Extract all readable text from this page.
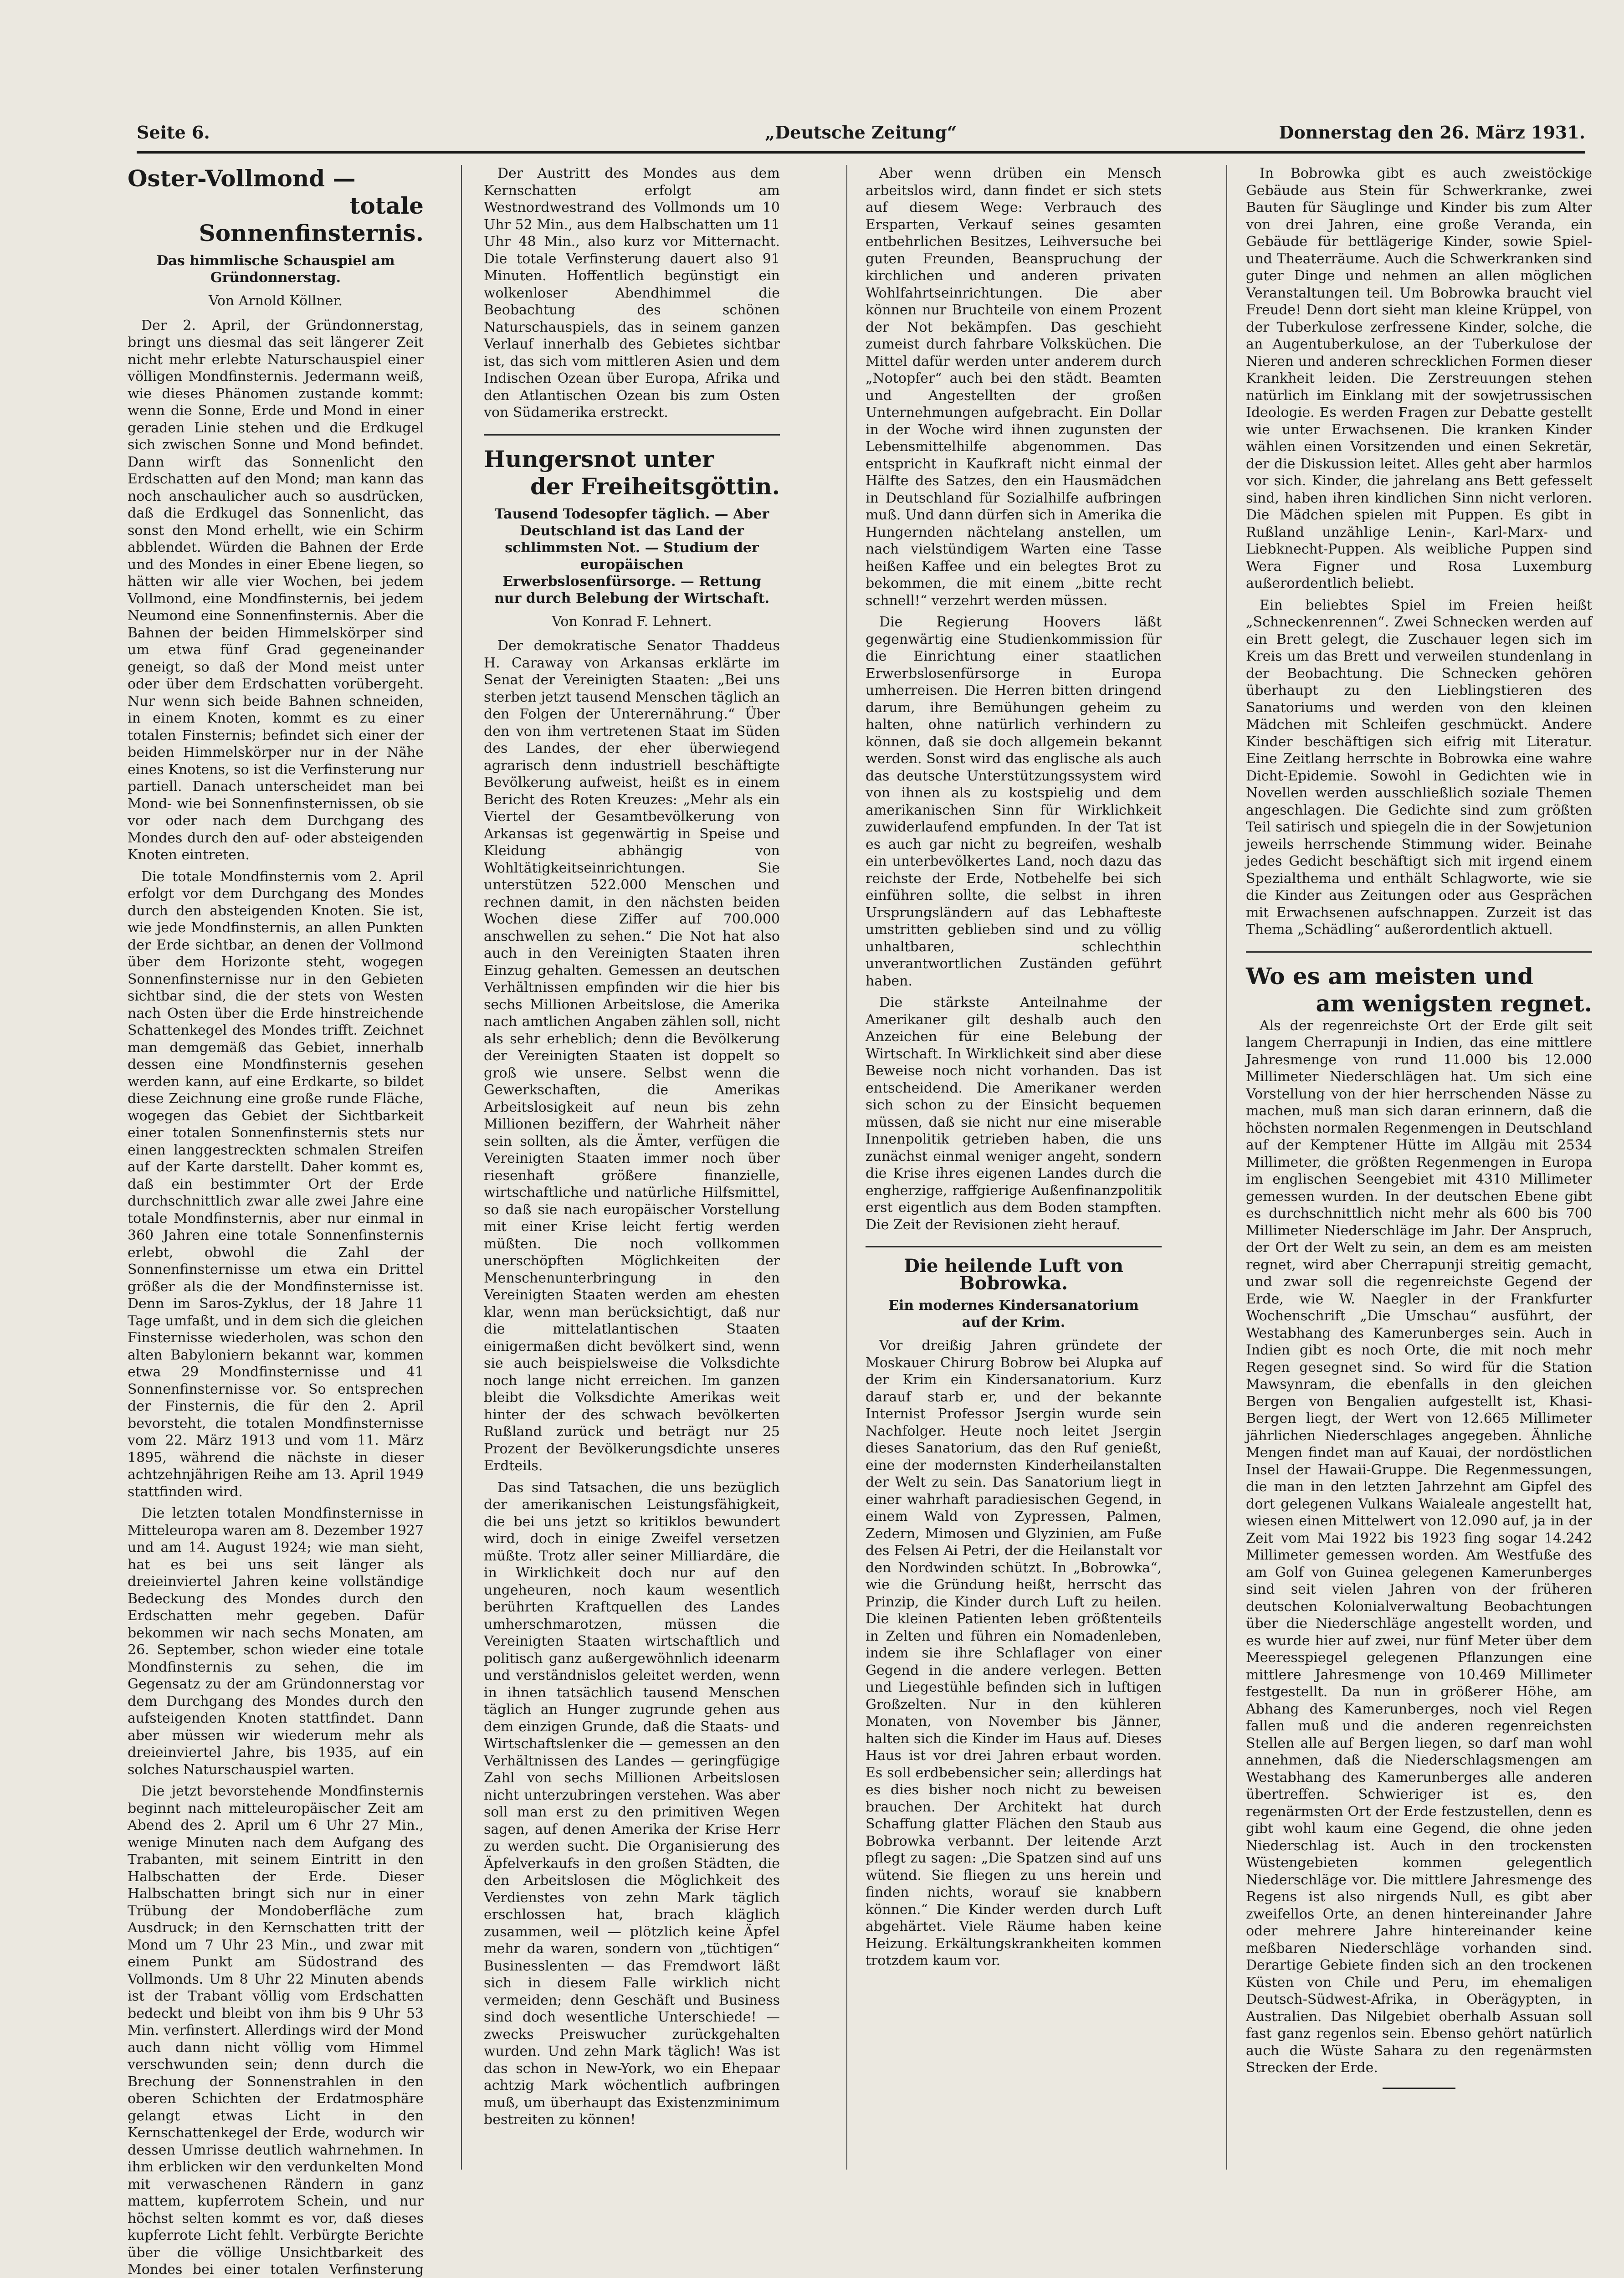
Seite 6.	„Deutsche Zeitung“	Donnerstag den 26. März 1931.

Oster-Vollmond —

totale Sonnenfinsternis.

Das himmlische Schauspiel am Gründonnerstag.

Von Arnold Köllner.

Der 2. April, der Gründonnerstag, bringt uns diesmal das seit längerer Zeit nicht mehr erlebte Naturschauspiel einer völligen Mondfinsternis. Jedermann weiß, wie dieses Phänomen zustande kommt: wenn die Sonne, Erde und Mond in einer geraden Linie stehen und die Erdkugel sich zwischen Sonne und Mond befindet. Dann wirft das Sonnenlicht den Erdschatten auf den Mond; man kann das noch anschaulicher auch so ausdrücken, daß die Erdkugel das Sonnenlicht, das sonst den Mond erhellt, wie ein Schirm abblendet. Würden die Bahnen der Erde und des Mondes in einer Ebene liegen, so hätten wir alle vier Wochen, bei jedem Vollmond, eine Mondfinsternis, bei jedem Neumond eine Sonnenfinsternis. Aber die Bahnen der beiden Himmelskörper sind um etwa fünf Grad gegeneinander geneigt, so daß der Mond meist unter oder über dem Erdschatten vorübergeht. Nur wenn sich beide Bahnen schneiden, in einem Knoten, kommt es zu einer totalen Finsternis; befindet sich einer der beiden Himmelskörper nur in der Nähe eines Knotens, so ist die Verfinsterung nur partiell. Danach unterscheidet man bei Mond- wie bei Sonnenfinsternissen, ob sie vor oder nach dem Durchgang des Mondes durch den auf- oder absteigenden Knoten eintreten.

Die totale Mondfinsternis vom 2. April erfolgt vor dem Durchgang des Mondes durch den absteigenden Knoten. Sie ist, wie jede Mondfinsternis, an allen Punkten der Erde sichtbar, an denen der Vollmond über dem Horizonte steht, wogegen Sonnenfinsternisse nur in den Gebieten sichtbar sind, die der stets von Westen nach Osten über die Erde hinstreichende Schattenkegel des Mondes trifft. Zeichnet man demgemäß das Gebiet, innerhalb dessen eine Mondfinsternis gesehen werden kann, auf eine Erdkarte, so bildet diese Zeichnung eine große runde Fläche, wogegen das Gebiet der Sichtbarkeit einer totalen Sonnenfinsternis stets nur einen langgestreckten schmalen Streifen auf der Karte darstellt. Daher kommt es, daß ein bestimmter Ort der Erde durchschnittlich zwar alle zwei Jahre eine totale Mondfinsternis, aber nur einmal in 360 Jahren eine totale Sonnenfinsternis erlebt, obwohl die Zahl der Sonnenfinsternisse um etwa ein Drittel größer als die der Mondfinsternisse ist. Denn im Saros-Zyklus, der 18 Jahre 11 Tage umfaßt, und in dem sich die gleichen Finsternisse wiederholen, was schon den alten Babyloniern bekannt war, kommen etwa 29 Mondfinsternisse und 41 Sonnenfinsternisse vor. So entsprechen der Finsternis, die für den 2. April bevorsteht, die totalen Mondfinsternisse vom 22. März 1913 und vom 11. März 1895, während die nächste in dieser achtzehnjährigen Reihe am 13. April 1949 stattfinden wird.

Die letzten totalen Mondfinsternisse in Mitteleuropa waren am 8. Dezember 1927 und am 14. August 1924; wie man sieht, hat es bei uns seit länger als dreieinviertel Jahren keine vollständige Bedeckung des Mondes durch den Erdschatten mehr gegeben. Dafür bekommen wir nach sechs Monaten, am 26. September, schon wieder eine totale Mondfinsternis zu sehen, die im Gegensatz zu der am Gründonnerstag vor dem Durchgang des Mondes durch den aufsteigenden Knoten stattfindet. Dann aber müssen wir wiederum mehr als dreieinviertel Jahre, bis 1935, auf ein solches Naturschauspiel warten.

Die jetzt bevorstehende Mondfinsternis beginnt nach mitteleuropäischer Zeit am Abend des 2. April um 6 Uhr 27 Min., wenige Minuten nach dem Aufgang des Trabanten, mit seinem Eintritt in den Halbschatten der Erde. Dieser Halbschatten bringt sich nur in einer Trübung der Mondoberfläche zum Ausdruck; in den Kernschatten tritt der Mond um 7 Uhr 23 Min., und zwar mit einem Punkt am Südostrand des Vollmonds. Um 8 Uhr 22 Minuten abends ist der Trabant völlig vom Erdschatten bedeckt und bleibt von ihm bis 9 Uhr 53 Min. verfinstert. Allerdings wird der Mond auch dann nicht völlig vom Himmel verschwunden sein; denn durch die Brechung der Sonnenstrahlen in den oberen Schichten der Erdatmosphäre gelangt etwas Licht in den Kernschattenkegel der Erde, wodurch wir dessen Umrisse deutlich wahrnehmen. In ihm erblicken wir den verdunkelten Mond mit verwaschenen Rändern in ganz mattem, kupferrotem Schein, und nur höchst selten kommt es vor, daß dieses kupferrote Licht fehlt. Verbürgte Berichte über die völlige Unsichtbarkeit des Mondes bei einer totalen Verfinsterung

Der Austritt des Mondes aus dem Kernschatten erfolgt am Westnordwestrand des Vollmonds um 10 Uhr 52 Min., aus dem Halbschatten um 11 Uhr 48 Min., also kurz vor Mitternacht. Die totale Verfinsterung dauert also 91 Minuten. Hoffentlich begünstigt ein wolkenloser Abendhimmel die Beobachtung des schönen Naturschauspiels, das in seinem ganzen Verlauf innerhalb des Gebietes sichtbar ist, das sich vom mittleren Asien und dem Indischen Ozean über Europa, Afrika und den Atlantischen Ozean bis zum Osten von Südamerika erstreckt.

Hungersnot unter

der Freiheitsgöttin.

Tausend Todesopfer täglich. — Aber Deutschland ist das Land der schlimmsten Not. — Studium der europäischen Erwerbslosenfürsorge. — Rettung nur durch Belebung der Wirtschaft.

Von Konrad F. Lehnert.

Der demokratische Senator Thaddeus H. Caraway von Arkansas erklärte im Senat der Vereinigten Staaten: „Bei uns sterben jetzt tausend Menschen täglich an den Folgen der Unterernährung.“ Über den von ihm vertretenen Staat im Süden des Landes, der eher überwiegend agrarisch denn industriell beschäftigte Bevölkerung aufweist, heißt es in einem Bericht des Roten Kreuzes: „Mehr als ein Viertel der Gesamtbevölkerung von Arkansas ist gegenwärtig in Speise und Kleidung abhängig von Wohltätigkeitseinrichtungen. Sie unterstützen 522.000 Menschen und rechnen damit, in den nächsten beiden Wochen diese Ziffer auf 700.000 anschwellen zu sehen.“ Die Not hat also auch in den Vereinigten Staaten ihren Einzug gehalten. Gemessen an deutschen Verhältnissen empfinden wir die hier bis sechs Millionen Arbeitslose, die Amerika nach amtlichen Angaben zählen soll, nicht als sehr erheblich; denn die Bevölkerung der Vereinigten Staaten ist doppelt so groß wie unsere. Selbst wenn die Gewerkschaften, die Amerikas Arbeitslosigkeit auf neun bis zehn Millionen beziffern, der Wahrheit näher sein sollten, als die Ämter, verfügen die Vereinigten Staaten immer noch über riesenhaft größere finanzielle, wirtschaftliche und natürliche Hilfsmittel, so daß sie nach europäischer Vorstellung mit einer Krise leicht fertig werden müßten. Die noch vollkommen unerschöpften Möglichkeiten der Menschenunterbringung in den Vereinigten Staaten werden am ehesten klar, wenn man berücksichtigt, daß nur die mittelatlantischen Staaten einigermaßen dicht bevölkert sind, wenn sie auch beispielsweise die Volksdichte noch lange nicht erreichen. Im ganzen bleibt die Volksdichte Amerikas weit hinter der des schwach bevölkerten Rußland zurück und beträgt nur 25 Prozent der Bevölkerungsdichte unseres Erdteils.

Das sind Tatsachen, die uns bezüglich der amerikanischen Leistungsfähigkeit, die bei uns jetzt so kritiklos bewundert wird, doch in einige Zweifel versetzen müßte. Trotz aller seiner Milliardäre, die in Wirklichkeit doch nur auf den ungeheuren, noch kaum wesentlich berührten Kraftquellen des Landes umherschmarotzen, müssen die Vereinigten Staaten wirtschaftlich und politisch ganz außergewöhnlich ideenarm und verständnislos geleitet werden, wenn in ihnen tatsächlich tausend Menschen täglich an Hunger zugrunde gehen aus dem einzigen Grunde, daß die Staats- und Wirtschaftslenker die — gemessen an den Verhältnissen des Landes — geringfügige Zahl von sechs Millionen Arbeitslosen nicht unterzubringen verstehen. Was aber soll man erst zu den primitiven Wegen sagen, auf denen Amerika der Krise Herr zu werden sucht. Die Organisierung des Äpfelverkaufs in den großen Städten, die den Arbeitslosen die Möglichkeit des Verdienstes von zehn Mark täglich erschlossen hat, brach kläglich zusammen, weil — plötzlich keine Äpfel mehr da waren, sondern von „tüchtigen“ Businesslenten — das Fremdwort läßt sich in diesem Falle wirklich nicht vermeiden; denn Geschäft und Business sind doch wesentliche Unterschiede! — zwecks Preiswucher zurückgehalten wurden. Und zehn Mark täglich! Was ist das schon in New-York, wo ein Ehepaar achtzig Mark wöchentlich aufbringen muß, um überhaupt das Existenzminimum bestreiten zu können!

Aber wenn drüben ein Mensch arbeitslos wird, dann findet er sich stets auf diesem Wege: Verbrauch des Ersparten, Verkauf seines gesamten entbehrlichen Besitzes, Leihversuche bei guten Freunden, Beanspruchung der kirchlichen und anderen privaten Wohlfahrtseinrichtungen. Die aber können nur Bruchteile von einem Prozent der Not bekämpfen. Das geschieht zumeist durch fahrbare Volksküchen. Die Mittel dafür werden unter anderem durch „Notopfer“ auch bei den städt. Beamten und Angestellten der großen Unternehmungen aufgebracht. Ein Dollar in der Woche wird ihnen zugunsten der Lebensmittelhilfe abgenommen. Das entspricht in Kaufkraft nicht einmal der Hälfte des Satzes, den ein Hausmädchen in Deutschland für Sozialhilfe aufbringen muß. Und dann dürfen sich in Amerika die Hungernden nächtelang anstellen, um nach vielstündigem Warten eine Tasse heißen Kaffee und ein belegtes Brot zu bekommen, die mit einem „bitte recht schnell!“ verzehrt werden müssen.

Die Regierung Hoovers läßt gegenwärtig eine Studienkommission für die Einrichtung einer staatlichen Erwerbslosenfürsorge in Europa umherreisen. Die Herren bitten dringend darum, ihre Bemühungen geheim zu halten, ohne natürlich verhindern zu können, daß sie doch allgemein bekannt werden. Sonst wird das englische als auch das deutsche Unterstützungssystem wird von ihnen als zu kostspielig und dem amerikanischen Sinn für Wirklichkeit zuwiderlaufend empfunden. In der Tat ist es auch gar nicht zu begreifen, weshalb ein unterbevölkertes Land, noch dazu das reichste der Erde, Notbehelfe bei sich einführen sollte, die selbst in ihren Ursprungsländern auf das Lebhafteste umstritten geblieben sind und zu völlig unhaltbaren, schlechthin unverantwortlichen Zuständen geführt haben.

Die stärkste Anteilnahme der Amerikaner gilt deshalb auch den Anzeichen für eine Belebung der Wirtschaft. In Wirklichkeit sind aber diese Beweise noch nicht vorhanden. Das ist entscheidend. Die Amerikaner werden sich schon zu der Einsicht bequemen müssen, daß sie nicht nur eine miserable Innenpolitik getrieben haben, die uns zunächst einmal weniger angeht, sondern die Krise ihres eigenen Landes durch die engherzige, raffgierige Außenfinanzpolitik erst eigentlich aus dem Boden stampften. Die Zeit der Revisionen zieht herauf.

Die heilende Luft von Bobrowka.

Ein modernes Kindersanatorium auf der Krim.

Vor dreißig Jahren gründete der Moskauer Chirurg Bobrow bei Alupka auf der Krim ein Kindersanatorium. Kurz darauf starb er, und der bekannte Internist Professor Jsergin wurde sein Nachfolger. Heute noch leitet Jsergin dieses Sanatorium, das den Ruf genießt, eine der modernsten Kinderheilanstalten der Welt zu sein. Das Sanatorium liegt in einer wahrhaft paradiesischen Gegend, in einem Wald von Zypressen, Palmen, Zedern, Mimosen und Glyzinien, am Fuße des Felsen Ai Petri, der die Heilanstalt vor den Nordwinden schützt. In „Bobrowka“, wie die Gründung heißt, herrscht das Prinzip, die Kinder durch Luft zu heilen. Die kleinen Patienten leben größtenteils in Zelten und führen ein Nomadenleben, indem sie ihre Schlaflager von einer Gegend in die andere verlegen. Betten und Liegestühle befinden sich in luftigen Großzelten. Nur in den kühleren Monaten, von November bis Jänner, halten sich die Kinder im Haus auf. Dieses Haus ist vor drei Jahren erbaut worden. Es soll erdbebensicher sein; allerdings hat es dies bisher noch nicht zu beweisen brauchen. Der Architekt hat durch Schaffung glatter Flächen den Staub aus Bobrowka verbannt. Der leitende Arzt pflegt zu sagen: „Die Spatzen sind auf uns wütend. Sie fliegen zu uns herein und finden nichts, worauf sie knabbern können.“ Die Kinder werden durch Luft abgehärtet. Viele Räume haben keine Heizung. Erkältungskrankheiten kommen trotzdem kaum vor.

In Bobrowka gibt es auch zweistöckige Gebäude aus Stein für Schwerkranke, zwei Bauten für Säuglinge und Kinder bis zum Alter von drei Jahren, eine große Veranda, ein Gebäude für bettlägerige Kinder, sowie Spiel- und Theaterräume. Auch die Schwerkranken sind guter Dinge und nehmen an allen möglichen Veranstaltungen teil. Um Bobrowka braucht viel Freude! Denn dort sieht man kleine Krüppel, von der Tuberkulose zerfressene Kinder, solche, die an Augentuberkulose, an der Tuberkulose der Nieren und anderen schrecklichen Formen dieser Krankheit leiden. Die Zerstreuungen stehen natürlich im Einklang mit der sowjetrussischen Ideologie. Es werden Fragen zur Debatte gestellt wie unter Erwachsenen. Die kranken Kinder wählen einen Vorsitzenden und einen Sekretär, der die Diskussion leitet. Alles geht aber harmlos vor sich. Kinder, die jahrelang ans Bett gefesselt sind, haben ihren kindlichen Sinn nicht verloren. Die Mädchen spielen mit Puppen. Es gibt in Rußland unzählige Lenin-, Karl-Marx- und Liebknecht-Puppen. Als weibliche Puppen sind Wera Figner und Rosa Luxemburg außerordentlich beliebt.

Ein beliebtes Spiel im Freien heißt „Schneckenrennen“. Zwei Schnecken werden auf ein Brett gelegt, die Zuschauer legen sich im Kreis um das Brett und verweilen stundenlang in der Beobachtung. Die Schnecken gehören überhaupt zu den Lieblingstieren des Sanatoriums und werden von den kleinen Mädchen mit Schleifen geschmückt. Andere Kinder beschäftigen sich eifrig mit Literatur. Eine Zeitlang herrschte in Bobrowka eine wahre Dicht-Epidemie. Sowohl in Gedichten wie in Novellen werden ausschließlich soziale Themen angeschlagen. Die Gedichte sind zum größten Teil satirisch und spiegeln die in der Sowjetunion jeweils herrschende Stimmung wider. Beinahe jedes Gedicht beschäftigt sich mit irgend einem Spezialthema und enthält Schlagworte, wie sie die Kinder aus Zeitungen oder aus Gesprächen mit Erwachsenen aufschnappen. Zurzeit ist das Thema „Schädling“ außerordentlich aktuell.

Wo es am meisten und

am wenigsten regnet.

Als der regenreichste Ort der Erde gilt seit langem Cherrapunji in Indien, das eine mittlere Jahresmenge von rund 11.000 bis 12.000 Millimeter Niederschlägen hat. Um sich eine Vorstellung von der hier herrschenden Nässe zu machen, muß man sich daran erinnern, daß die höchsten normalen Regenmengen in Deutschland auf der Kemptener Hütte im Allgäu mit 2534 Millimeter, die größten Regenmengen in Europa im englischen Seengebiet mit 4310 Millimeter gemessen wurden. In der deutschen Ebene gibt es durchschnittlich nicht mehr als 600 bis 700 Millimeter Niederschläge im Jahr. Der Anspruch, der Ort der Welt zu sein, an dem es am meisten regnet, wird aber Cherrapunji streitig gemacht, und zwar soll die regenreichste Gegend der Erde, wie W. Naegler in der Frankfurter Wochenschrift „Die Umschau“ ausführt, der Westabhang des Kamerunberges sein. Auch in Indien gibt es noch Orte, die mit noch mehr Regen gesegnet sind. So wird für die Station Mawsynram, die ebenfalls in den gleichen Bergen von Bengalien aufgestellt ist, Khasi-Bergen liegt, der Wert von 12.665 Millimeter jährlichen Niederschlages angegeben. Ähnliche Mengen findet man auf Kauai, der nordöstlichen Insel der Hawaii-Gruppe. Die Regenmessungen, die man in den letzten Jahrzehnt am Gipfel des dort gelegenen Vulkans Waialeale angestellt hat, wiesen einen Mittelwert von 12.090 auf, ja in der Zeit vom Mai 1922 bis 1923 fing sogar 14.242 Millimeter gemessen worden. Am Westfuße des am Golf von Guinea gelegenen Kamerunberges sind seit vielen Jahren von der früheren deutschen Kolonialverwaltung Beobachtungen über die Niederschläge angestellt worden, und es wurde hier auf zwei, nur fünf Meter über dem Meeresspiegel gelegenen Pflanzungen eine mittlere Jahresmenge von 10.469 Millimeter festgestellt. Da nun in größerer Höhe, am Abhang des Kamerunberges, noch viel Regen fallen muß und die anderen regenreichsten Stellen alle auf Bergen liegen, so darf man wohl annehmen, daß die Niederschlagsmengen am Westabhang des Kamerunberges alle anderen übertreffen. Schwieriger ist es, den regenärmsten Ort der Erde festzustellen, denn es gibt wohl kaum eine Gegend, die ohne jeden Niederschlag ist. Auch in den trockensten Wüstengebieten kommen gelegentlich Niederschläge vor. Die mittlere Jahresmenge des Regens ist also nirgends Null, es gibt aber zweifellos Orte, an denen hintereinander Jahre oder mehrere Jahre hintereinander keine meßbaren Niederschläge vorhanden sind. Derartige Gebiete finden sich an den trockenen Küsten von Chile und Peru, im ehemaligen Deutsch-Südwest-Afrika, in Oberägypten, in Australien. Das Nilgebiet oberhalb Assuan soll fast ganz regenlos sein. Ebenso gehört natürlich auch die Wüste Sahara zu den regenärmsten Strecken der Erde.
